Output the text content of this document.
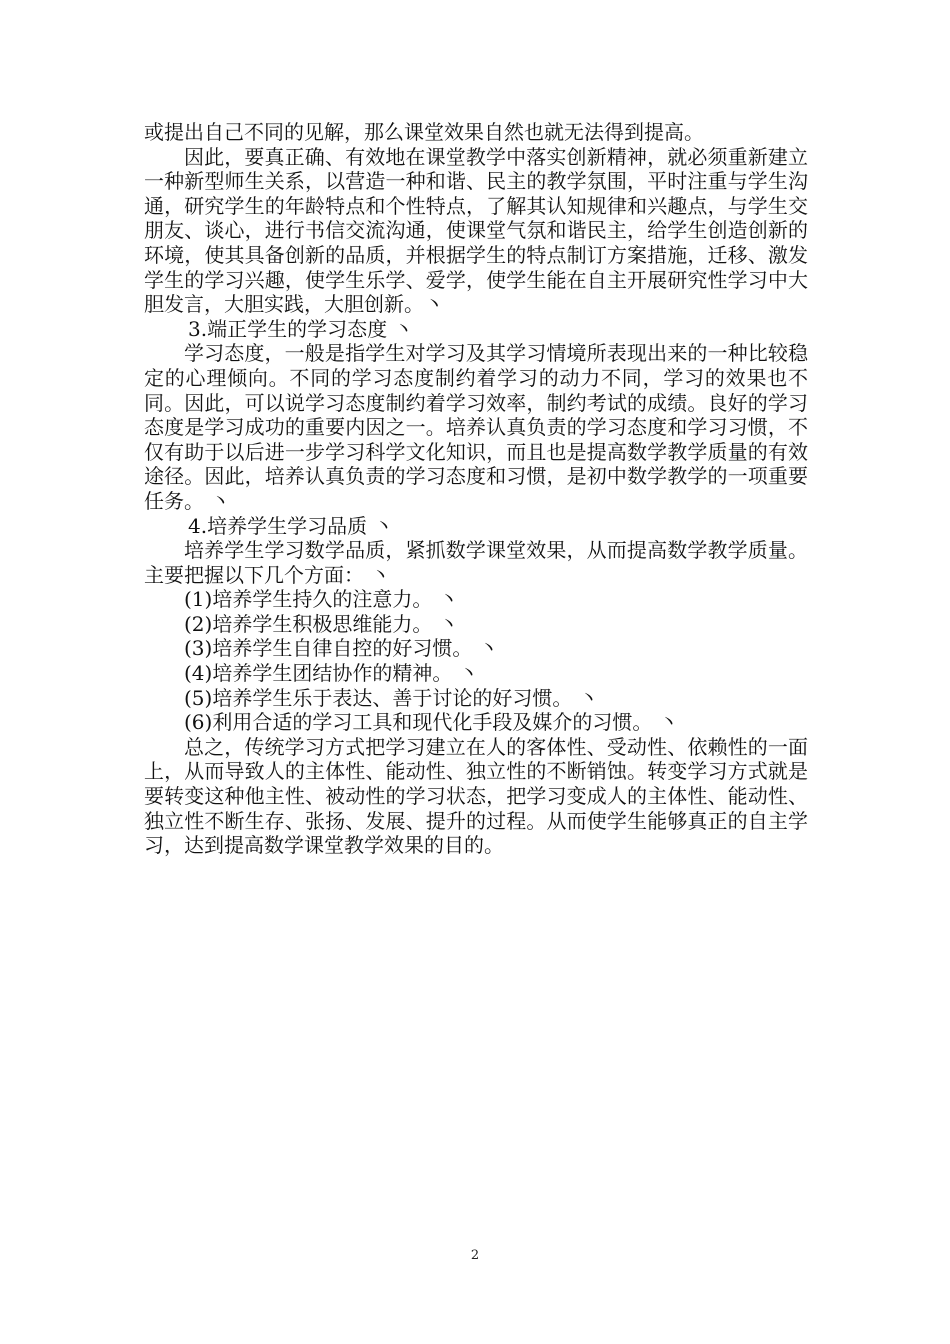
或提出自己不同的见解，那么课堂效果自然也就无法得到提高。

因此，要真正确、有效地在课堂教学中落实创新精神，就必须重新建立一种新型师生关系，以营造一种和谐、民主的教学氛围，平时注重与学生沟通，研究学生的年龄特点和个性特点，了解其认知规律和兴趣点，与学生交朋友、谈心，进行书信交流沟通，使课堂气氛和谐民主，给学生创造创新的环境，使其具备创新的品质，并根据学生的特点制订方案措施，迁移、激发学生的学习兴趣，使学生乐学、爱学，使学生能在自主开展研究性学习中大胆发言，大胆实践，大胆创新。丶

3.端正学生的学习态度 丶

学习态度，一般是指学生对学习及其学习情境所表现出来的一种比较稳定的心理倾向。不同的学习态度制约着学习的动力不同，学习的效果也不同。因此，可以说学习态度制约着学习效率，制约考试的成绩。良好的学习态度是学习成功的重要内因之一。培养认真负责的学习态度和学习习惯，不仅有助于以后进一步学习科学文化知识，而且也是提高数学教学质量的有效途径。因此，培养认真负责的学习态度和习惯，是初中数学教学的一项重要任务。 丶

4.培养学生学习品质 丶

培养学生学习数学品质，紧抓数学课堂效果，从而提高数学教学质量。主要把握以下几个方面： 丶

(1)培养学生持久的注意力。 丶

(2)培养学生积极思维能力。 丶

(3)培养学生自律自控的好习惯。 丶

(4)培养学生团结协作的精神。 丶

(5)培养学生乐于表达、善于讨论的好习惯。 丶

(6)利用合适的学习工具和现代化手段及媒介的习惯。 丶

总之，传统学习方式把学习建立在人的客体性、受动性、依赖性的一面上，从而导致人的主体性、能动性、独立性的不断销蚀。转变学习方式就是要转变这种他主性、被动性的学习状态，把学习变成人的主体性、能动性、独立性不断生存、张扬、发展、提升的过程。从而使学生能够真正的自主学习，达到提高数学课堂教学效果的目的。

2
